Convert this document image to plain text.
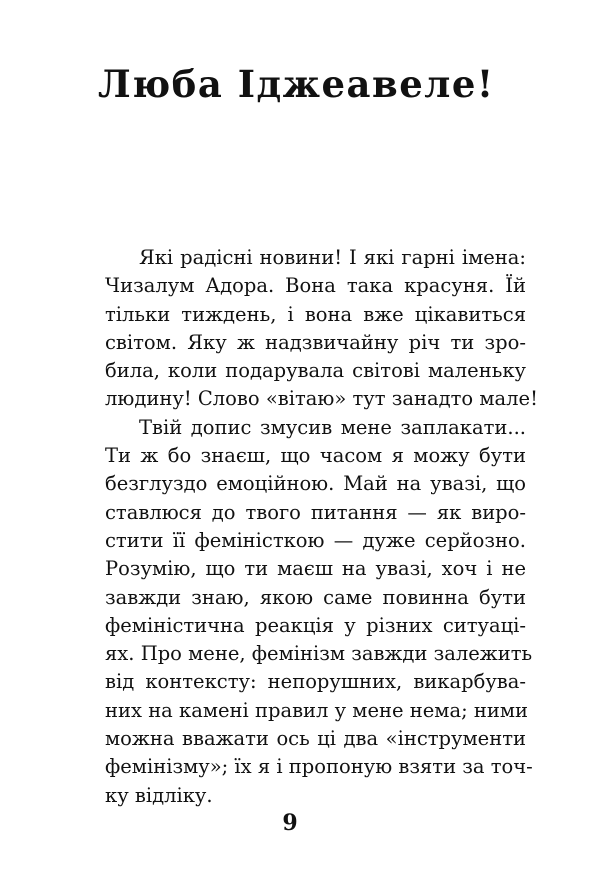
Люба Іджеавеле!
Які радісні новини! І які гарні імена:
Чизалум Адора. Вона така красуня. Їй
тільки тиждень, і вона вже цікавиться
світом. Яку ж надзвичайну річ ти зро-
била, коли подарувала світові маленьку
людину! Слово «вітаю» тут занадто мале!
Твій допис змусив мене заплакати...
Ти ж бо знаєш, що часом я можу бути
безглуздо емоційною. Май на увазі, що
ставлюся до твого питання — як виро-
стити її феміністкою — дуже серйозно.
Розумію, що ти маєш на увазі, хоч і не
завжди знаю, якою саме повинна бути
феміністична реакція у різних ситуаці-
ях. Про мене, фемінізм завжди залежить
від контексту: непорушних, викарбува-
них на камені правил у мене нема; ними
можна вважати ось ці два «інструменти
фемінізму»; їх я і пропоную взяти за точ-
ку відліку.
9
